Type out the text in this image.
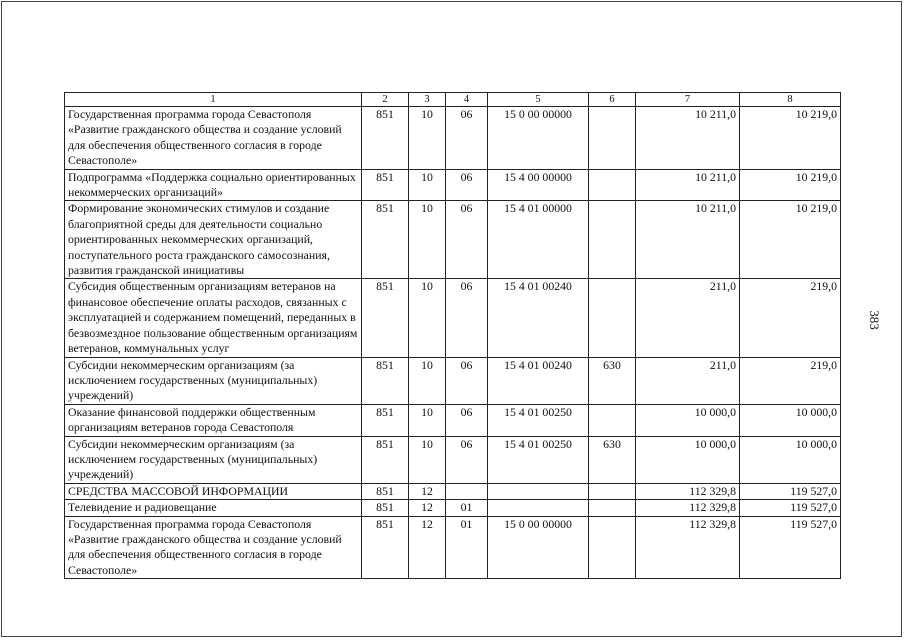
1	2	3	4	5	6	7	8
Государственная программа города Севастополя «Развитие гражданского общества и создание условий для обеспечения общественного согласия в городе Севастополе»	851	10	06	15 0 00 00000		10 211,0	10 219,0
Подпрограмма «Поддержка социально ориентированных некоммерческих организаций»	851	10	06	15 4 00 00000		10 211,0	10 219,0
Формирование экономических стимулов и создание благоприятной среды для деятельности социально ориентированных некоммерческих организаций, поступательного роста гражданского самосознания, развития гражданской инициативы	851	10	06	15 4 01 00000		10 211,0	10 219,0
Субсидия общественным организациям ветеранов на финансовое обеспечение оплаты расходов, связанных с эксплуатацией и содержанием помещений, переданных в безвозмездное пользование общественным организациям ветеранов, коммунальных услуг	851	10	06	15 4 01 00240		211,0	219,0
Субсидии некоммерческим организациям (за исключением государственных (муниципальных) учреждений)	851	10	06	15 4 01 00240	630	211,0	219,0
Оказание финансовой поддержки общественным организациям ветеранов города Севастополя	851	10	06	15 4 01 00250		10 000,0	10 000,0
Субсидии некоммерческим организациям (за исключением государственных (муниципальных) учреждений)	851	10	06	15 4 01 00250	630	10 000,0	10 000,0
СРЕДСТВА МАССОВОЙ ИНФОРМАЦИИ	851	12				112 329,8	119 527,0
Телевидение и радиовещание	851	12	01			112 329,8	119 527,0
Государственная программа города Севастополя «Развитие гражданского общества и создание условий для обеспечения общественного согласия в городе Севастополе»	851	12	01	15 0 00 00000		112 329,8	119 527,0
383
